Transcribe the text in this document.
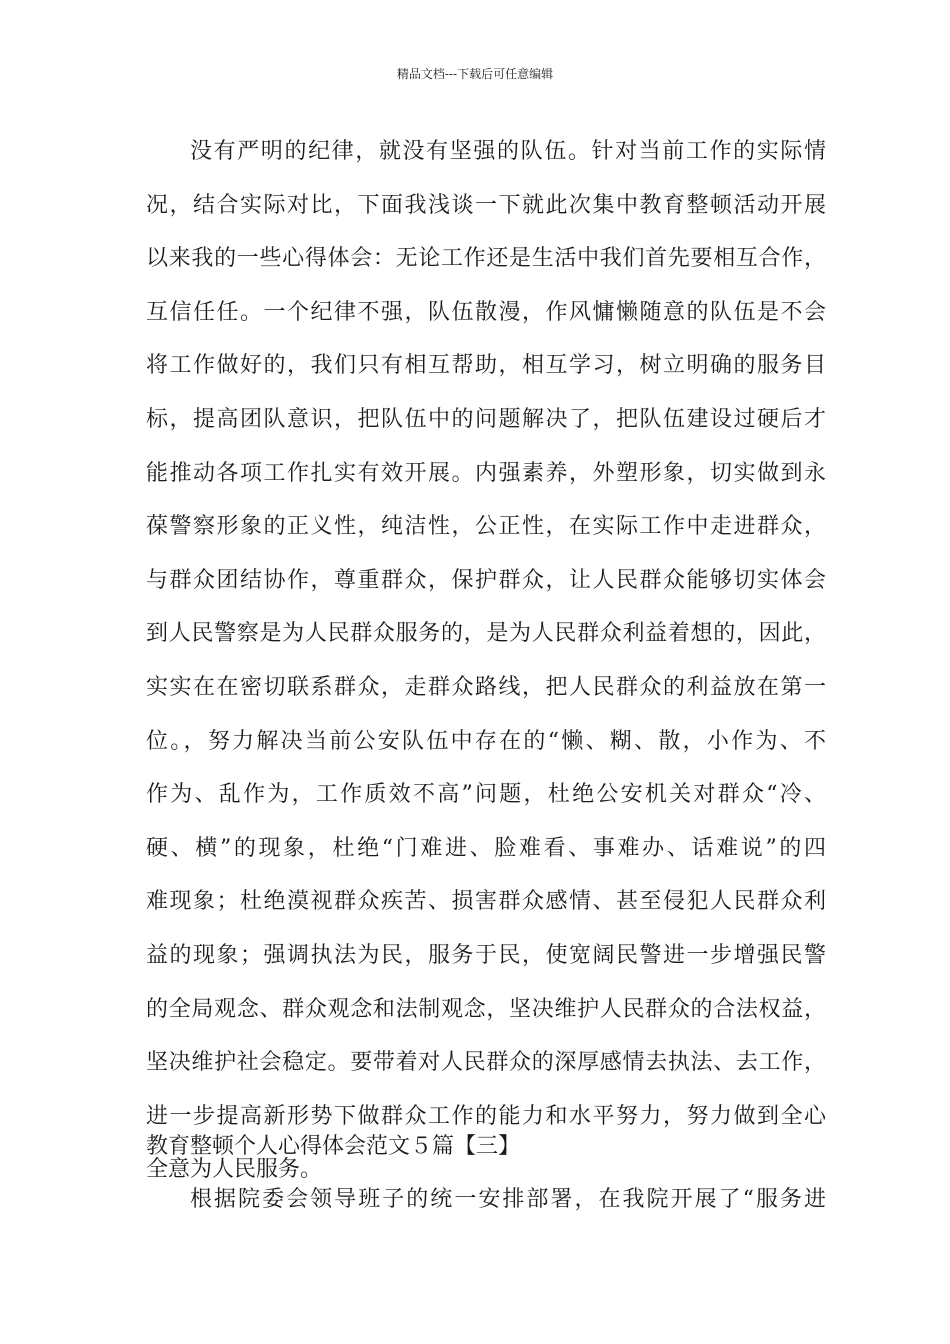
精品文档---下载后可任意编辑
没有严明的纪律，就没有坚强的队伍。针对当前工作的实际情
况，结合实际对比，下面我浅谈一下就此次集中教育整顿活动开展
以来我的一些心得体会：无论工作还是生活中我们首先要相互合作，
互信任任。一个纪律不强，队伍散漫，作风慵懒随意的队伍是不会
将工作做好的，我们只有相互帮助，相互学习，树立明确的服务目
标，提高团队意识，把队伍中的问题解决了，把队伍建设过硬后才
能推动各项工作扎实有效开展。内强素养，外塑形象，切实做到永
葆警察形象的正义性，纯洁性，公正性，在实际工作中走进群众，
与群众团结协作，尊重群众，保护群众，让人民群众能够切实体会
到人民警察是为人民群众服务的，是为人民群众利益着想的，因此，
实实在在密切联系群众，走群众路线，把人民群众的利益放在第一
位。，努力解决当前公安队伍中存在的“懒、糊、散，小作为、不
作为、乱作为，工作质效不高”问题，杜绝公安机关对群众“冷、
硬、横”的现象，杜绝“门难进、脸难看、事难办、话难说”的四
难现象；杜绝漠视群众疾苦、损害群众感情、甚至侵犯人民群众利
益的现象；强调执法为民，服务于民，使宽阔民警进一步增强民警
的全局观念、群众观念和法制观念，坚决维护人民群众的合法权益，
坚决维护社会稳定。要带着对人民群众的深厚感情去执法、去工作，
进一步提高新形势下做群众工作的能力和水平努力，努力做到全心
全意为人民服务。
教育整顿个人心得体会范文５篇【三】
根据院委会领导班子的统一安排部署，在我院开展了“服务进
